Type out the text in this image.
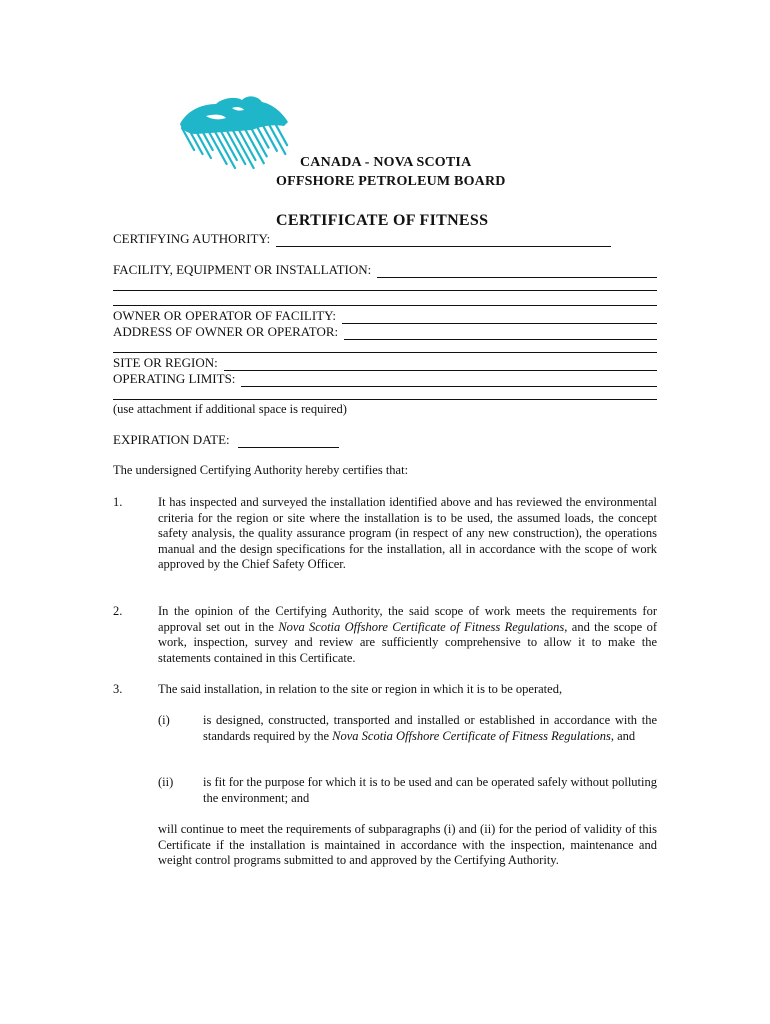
CANADA - NOVA SCOTIA
OFFSHORE PETROLEUM BOARD
CERTIFICATE OF FITNESS
CERTIFYING AUTHORITY:
FACILITY, EQUIPMENT OR INSTALLATION:
OWNER OR OPERATOR OF FACILITY:
ADDRESS OF OWNER OR OPERATOR:
SITE OR REGION:
OPERATING LIMITS:
(use attachment if additional space is required)
EXPIRATION DATE:
The undersigned Certifying Authority hereby certifies that:
1.	It has inspected and surveyed the installation identified above and has reviewed the environmental criteria for the region or site where the installation is to be used, the assumed loads, the concept safety analysis, the quality assurance program (in respect of any new construction), the operations manual and the design specifications for the installation, all in accordance with the scope of work approved by the Chief Safety Officer.
2.	In the opinion of the Certifying Authority, the said scope of work meets the requirements for approval set out in the Nova Scotia Offshore Certificate of Fitness Regulations, and the scope of work, inspection, survey and review are sufficiently comprehensive to allow it to make the statements contained in this Certificate.
3.	The said installation, in relation to the site or region in which it is to be operated,
(i)	is designed, constructed, transported and installed or established in accordance with the standards required by the Nova Scotia Offshore Certificate of Fitness Regulations, and
(ii) is fit for the purpose for which it is to be used and can be operated safely without polluting the environment; and
will continue to meet the requirements of subparagraphs (i) and (ii) for the period of validity of this Certificate if the installation is maintained in accordance with the inspection, maintenance and weight control programs submitted to and approved by the Certifying Authority.
